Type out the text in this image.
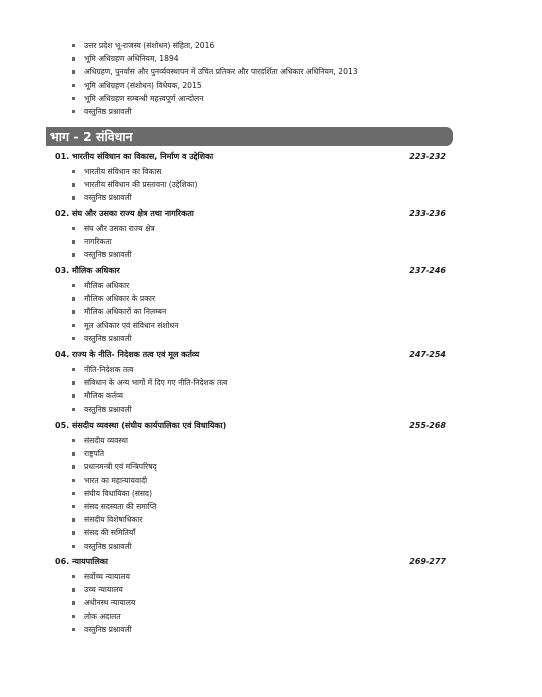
उत्तर प्रदेश भू-राजस्व (संशोधन) संहिता, 2016
भूमि अधिग्रहण अधिनियम, 1894
अधिग्रहण, पुनर्वास और पुनर्व्यवस्थापन में उचित प्रतिकर और पारदर्शिता अधिकार अधिनियम, 2013
भूमि अधिग्रहण (संशोधन) विधेयक, 2015
भूमि अधिग्रहण सम्बन्धी महत्त्वपूर्ण आन्दोलन
वस्तुनिष्ठ प्रश्नावली
भाग - 2 संविधान
01. भारतीय संविधान का विकास, निर्माण व उद्देशिका	223-232
भारतीय संविधान का विकास
भारतीय संविधान की प्रस्तावना (उद्देशिका)
वस्तुनिष्ठ प्रश्नावली
02. संघ और उसका राज्य क्षेत्र तथा नागरिकता	233-236
संघ और उसका राज्य क्षेत्र
नागरिकता
वस्तुनिष्ठ प्रश्नावली
03. मौलिक अधिकार	237-246
मौलिक अधिकार
मौलिक अधिकार के प्रकार
मौलिक अधिकारों का निलम्बन
मूल अधिकार एवं संविधान संशोधन
वस्तुनिष्ठ प्रश्नावली
04. राज्य के नीति- निदेशक तत्व एवं मूल कर्तव्य	247-254
नीति-निदेशक तत्व
संविधान के अन्य भागों में दिए गए नीति-निदेशक तत्व
मौलिक कर्तव्य
वस्तुनिष्ठ प्रश्नावली
05. संसदीय व्यवस्था (संघीय कार्यपालिका एवं विधायिका)	255-268
संसदीय व्यवस्था
राष्ट्रपति
प्रधानमन्त्री एवं मन्त्रिपरिषद्
भारत का महान्यायवादी
संघीय विधायिका (संसद)
संसद सदस्यता की समाप्ति
संसदीय विशेषाधिकार
संसद की समितियाँ
वस्तुनिष्ठ प्रश्नावली
06. न्यायपालिका	269-277
सर्वोच्च न्यायालय
उच्च न्यायालय
अधीनस्थ न्यायालय
लोक अदालत
वस्तुनिष्ठ प्रश्नावली
